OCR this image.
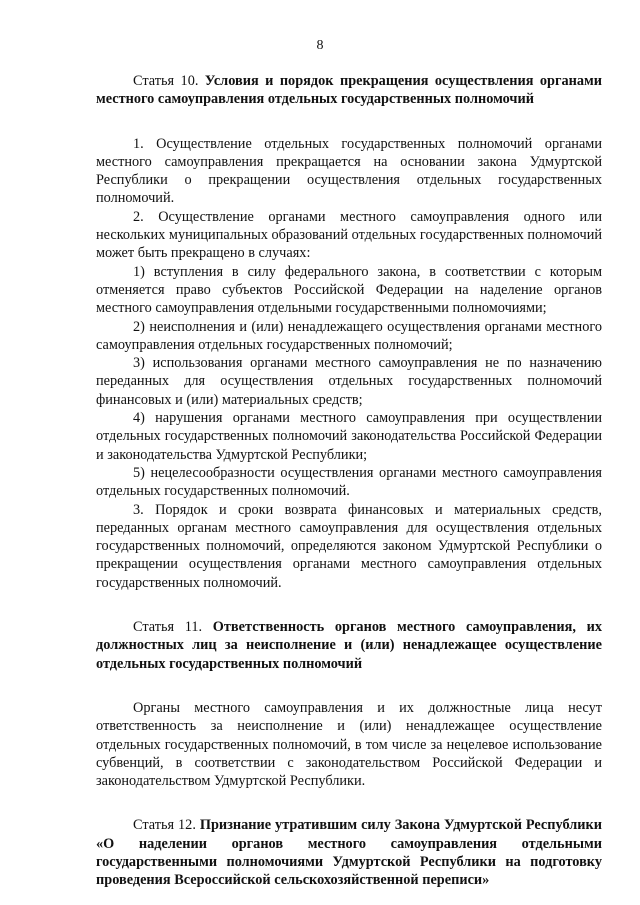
8
Статья 10. Условия и порядок прекращения осуществления органами местного самоуправления отдельных государственных полномочий

1. Осуществление отдельных государственных полномочий органами местного самоуправления прекращается на основании закона Удмуртской Республики о прекращении осуществления отдельных государственных полномочий.

2. Осуществление органами местного самоуправления одного или нескольких муниципальных образований отдельных государственных полномочий может быть прекращено в случаях:

1) вступления в силу федерального закона, в соответствии с которым отменяется право субъектов Российской Федерации на наделение органов местного самоуправления отдельными государственными полномочиями;

2) неисполнения и (или) ненадлежащего осуществления органами местного самоуправления отдельных государственных полномочий;

3) использования органами местного самоуправления не по назначению переданных для осуществления отдельных государственных полномочий финансовых и (или) материальных средств;

4) нарушения органами местного самоуправления при осуществлении отдельных государственных полномочий законодательства Российской Федерации и законодательства Удмуртской Республики;

5) нецелесообразности осуществления органами местного самоуправления отдельных государственных полномочий.

3. Порядок и сроки возврата финансовых и материальных средств, переданных органам местного самоуправления для осуществления отдельных государственных полномочий, определяются законом Удмуртской Республики о прекращении осуществления органами местного самоуправления отдельных государственных полномочий.

Статья 11. Ответственность органов местного самоуправления, их должностных лиц за неисполнение и (или) ненадлежащее осуществление отдельных государственных полномочий

Органы местного самоуправления и их должностные лица несут ответственность за неисполнение и (или) ненадлежащее осуществление отдельных государственных полномочий, в том числе за нецелевое использование субвенций, в соответствии с законодательством Российской Федерации и законодательством Удмуртской Республики.

Статья 12. Признание утратившим силу Закона Удмуртской Республики «О наделении органов местного самоуправления отдельными государственными полномочиями Удмуртской Республики на подготовку проведения Всероссийской сельскохозяйственной переписи»
